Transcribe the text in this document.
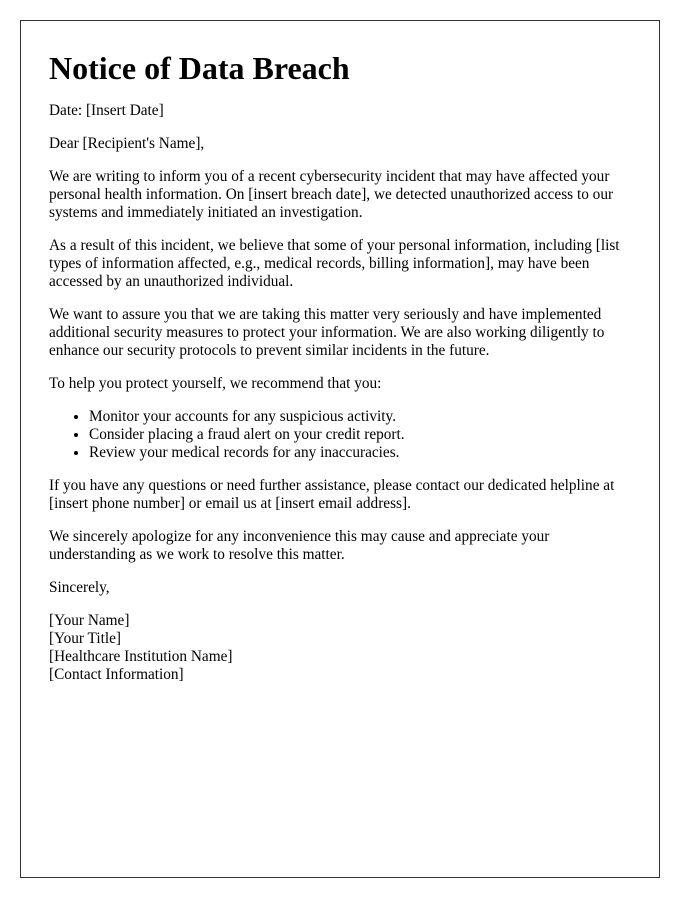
Notice of Data Breach

Date: [Insert Date]

Dear [Recipient's Name],

We are writing to inform you of a recent cybersecurity incident that may have affected your personal health information. On [insert breach date], we detected unauthorized access to our systems and immediately initiated an investigation.

As a result of this incident, we believe that some of your personal information, including [list types of information affected, e.g., medical records, billing information], may have been accessed by an unauthorized individual.

We want to assure you that we are taking this matter very seriously and have implemented additional security measures to protect your information. We are also working diligently to enhance our security protocols to prevent similar incidents in the future.

To help you protect yourself, we recommend that you:

• Monitor your accounts for any suspicious activity.
• Consider placing a fraud alert on your credit report.
• Review your medical records for any inaccuracies.

If you have any questions or need further assistance, please contact our dedicated helpline at [insert phone number] or email us at [insert email address].

We sincerely apologize for any inconvenience this may cause and appreciate your understanding as we work to resolve this matter.

Sincerely,

[Your Name]
[Your Title]
[Healthcare Institution Name]
[Contact Information]
